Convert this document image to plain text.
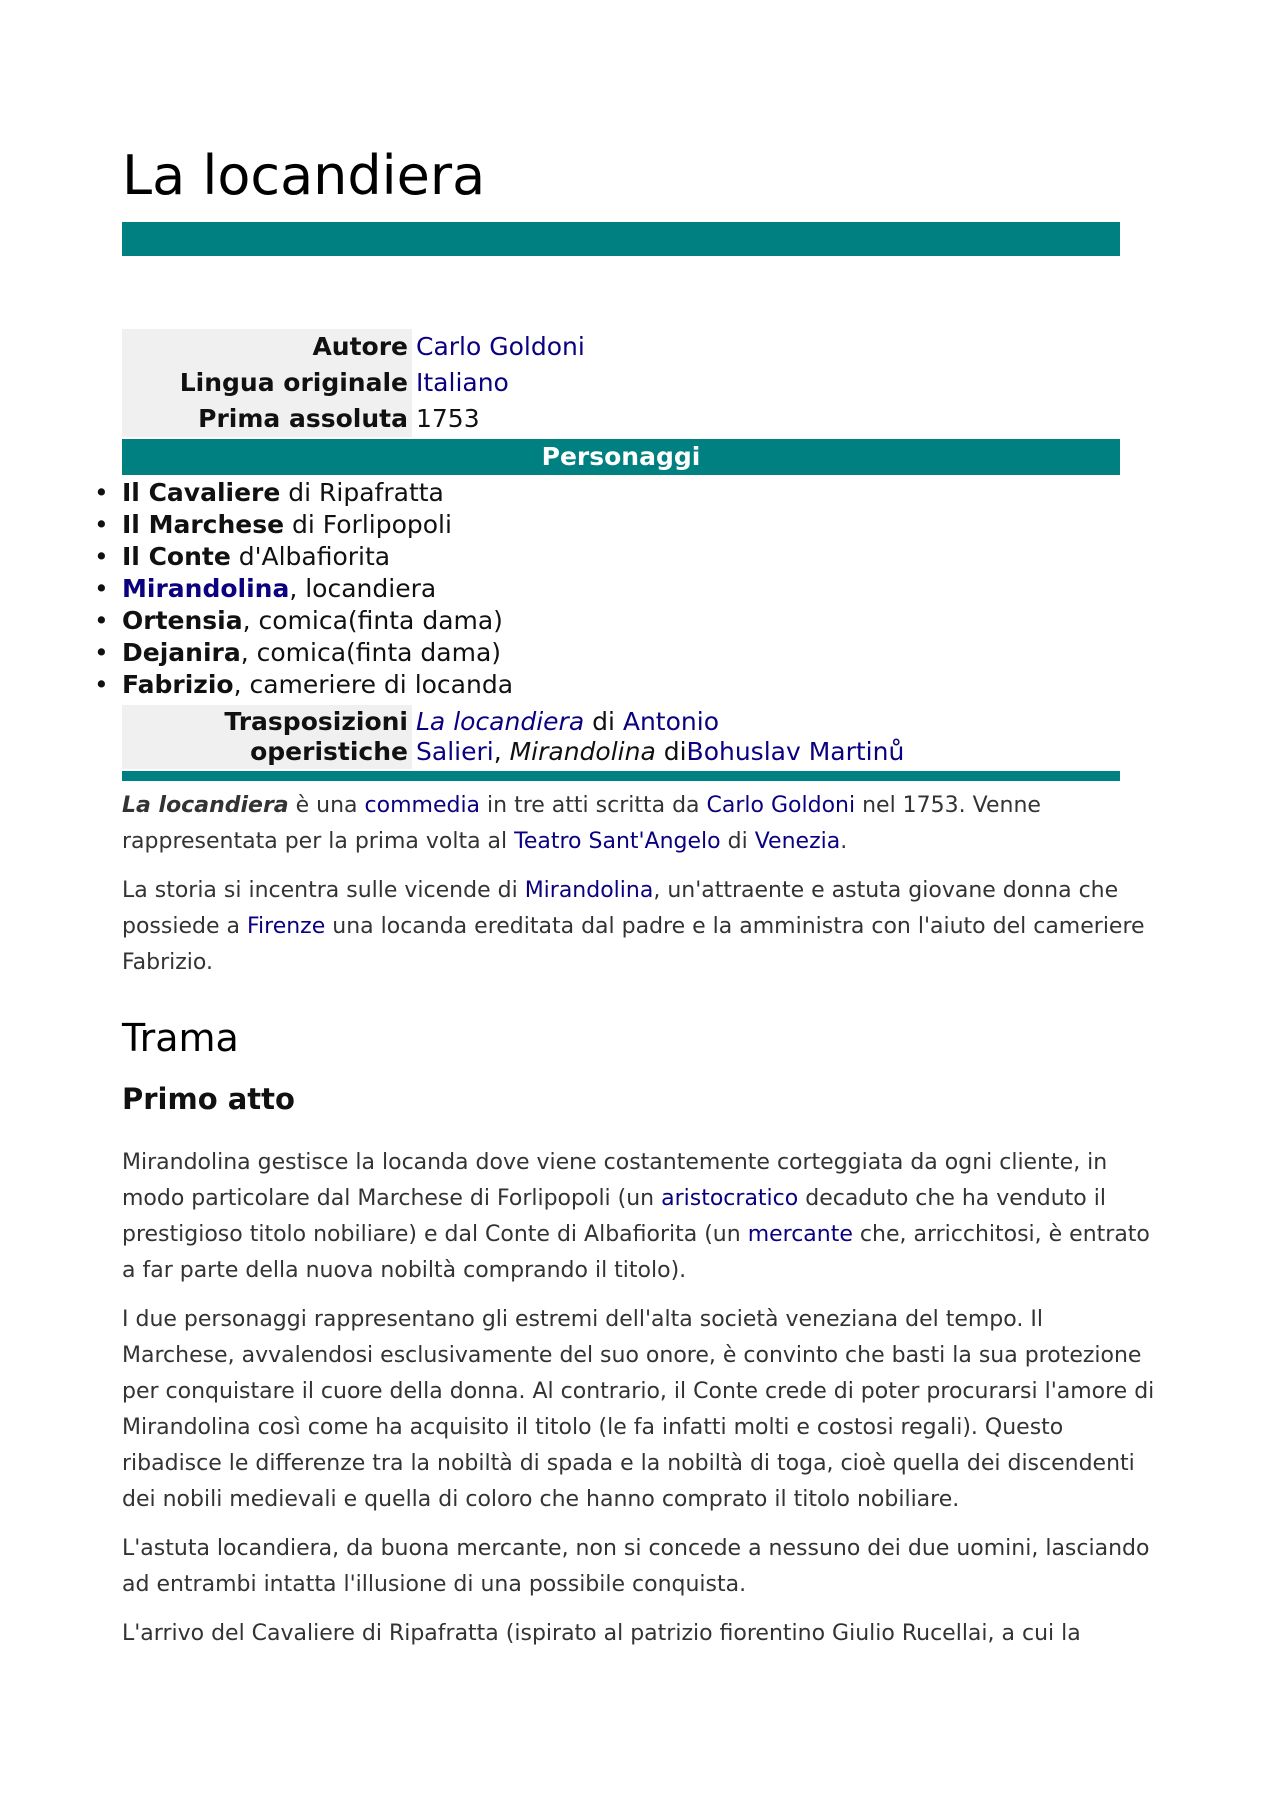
La locandiera
Autore Carlo Goldoni
Lingua originale Italiano
Prima assoluta 1753
Personaggi
• Il Cavaliere di Ripafratta
• Il Marchese di Forlipopoli
• Il Conte d'Albafiorita
• Mirandolina, locandiera
• Ortensia, comica(finta dama)
• Dejanira, comica(finta dama)
• Fabrizio, cameriere di locanda
Trasposizioni
operistiche
La locandiera di Antonio
Salieri, Mirandolina diBohuslav Martinů

La locandiera è una commedia in tre atti scritta da Carlo Goldoni nel 1753. Venne rappresentata per la prima volta al Teatro Sant'Angelo di Venezia.

La storia si incentra sulle vicende di Mirandolina, un'attraente e astuta giovane donna che possiede a Firenze una locanda ereditata dal padre e la amministra con l'aiuto del cameriere Fabrizio.

Trama
Primo atto

Mirandolina gestisce la locanda dove viene costantemente corteggiata da ogni cliente, in modo particolare dal Marchese di Forlipopoli (un aristocratico decaduto che ha venduto il prestigioso titolo nobiliare) e dal Conte di Albafiorita (un mercante che, arricchitosi, è entrato a far parte della nuova nobiltà comprando il titolo).

I due personaggi rappresentano gli estremi dell'alta società veneziana del tempo. Il Marchese, avvalendosi esclusivamente del suo onore, è convinto che basti la sua protezione per conquistare il cuore della donna. Al contrario, il Conte crede di poter procurarsi l'amore di Mirandolina così come ha acquisito il titolo (le fa infatti molti e costosi regali). Questo ribadisce le differenze tra la nobiltà di spada e la nobiltà di toga, cioè quella dei discendenti dei nobili medievali e quella di coloro che hanno comprato il titolo nobiliare.

L'astuta locandiera, da buona mercante, non si concede a nessuno dei due uomini, lasciando ad entrambi intatta l'illusione di una possibile conquista.

L'arrivo del Cavaliere di Ripafratta (ispirato al patrizio fiorentino Giulio Rucellai, a cui la
